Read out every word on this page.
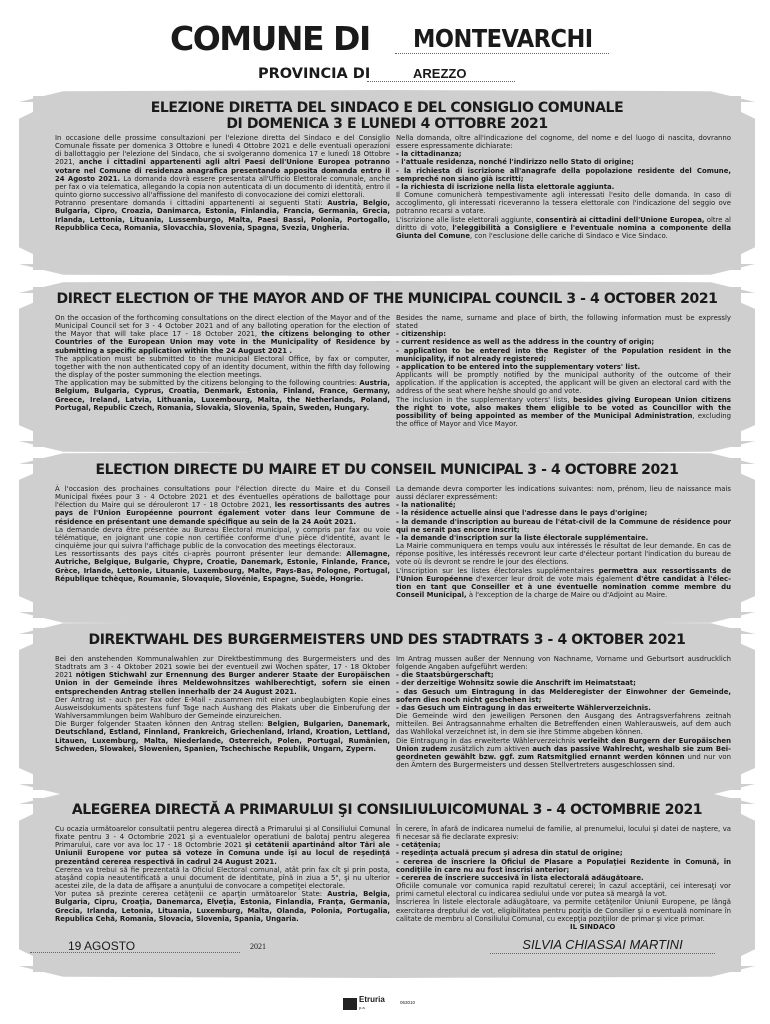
COMUNE DI	MONTEVARCHI
PROVINCIA DI	AREZZO
ELEZIONE DIRETTA DEL SINDACO E DEL CONSIGLIO COMUNALE
DI DOMENICA 3 E LUNEDI 4 OTTOBRE 2021
In occasione delle prossime consultazioni per l'elezione diretta del Sindaco e del Consiglio Comunale fissate per domenica 3 Ottobre e lunedì 4 Ottobre 2021 e delle eventuali operazioni di ballottaggio per l'elezione del Sindaco, che si svolgeranno domenica 17 e lunedì 18 Ottobre 2021, anche i cittadini appartenenti agli altri Paesi dell'Unione Europea potranno votare nel Comune di residenza anagrafica presentando apposita domanda entro il 24 Agosto 2021. La domanda dovrà essere presentata all'Ufficio Elettorale comunale, anche per fax o via telematica, allegando la copia non autenticata di un documento di identità, entro il quinto giorno successivo all'affissione del manifesto di convocazione dei comizi elettorali.
Potranno presentare domanda i cittadini appartenenti ai seguenti Stati: Austria, Belgio, Bulgaria, Cipro, Croazia, Danimarca, Estonia, Finlandia, Francia, Germania, Grecia, Irlanda, Lettonia, Lituania, Lussemburgo, Malta, Paesi Bassi, Polonia, Portogallo, Repubblica Ceca, Romania, Slovacchia, Slovenia, Spagna, Svezia, Ungheria.
Nella domanda, oltre all'indicazione del cognome, del nome e del luogo di nascita, dovranno essere espressamente dichiarate:
- la cittadinanza;
- l'attuale residenza, nonché l'indirizzo nello Stato di origine;
- la richiesta di iscrizione all'anagrafe della popolazione residente del Comune, sempreché non siano già iscritti;
- la richiesta di iscrizione nella lista elettorale aggiunta.
Il Comune comunicherà tempestivamente agli interessati l'esito delle domanda. In caso di accoglimento, gli interessati riceveranno la tessera elettorale con l'indicazione del seggio ove potranno recarsi a votare.
L'iscrizione alle liste elettorali aggiunte, consentirà ai cittadini dell'Unione Europea, oltre al diritto di voto, l'eleggibilità a Consigliere e l'eventuale nomina a componente della Giunta del Comune, con l'esclusione delle cariche di Sindaco e Vice Sindaco.
DIRECT ELECTION OF THE MAYOR AND OF THE MUNICIPAL COUNCIL 3 - 4 OCTOBER 2021
On the occasion of the forthcoming consultations on the direct election of the Mayor and of the Municipal Council set for 3 - 4 October 2021 and of any balloting operation for the election of the Mayor that will take place 17 - 18 October 2021, the citizens belonging to other Countries of the European Union may vote in the Municipality of Residence by submitting a specific application within the 24 August 2021 .
The application must be submitted to the municipal Electoral Office, by fax or computer, together with the non authenticated copy of an identity document, within the fifth day following the display of the poster summoning the election meetings.
The application may be submitted by the citizens belonging to the following countries: Austria, Belgium, Bulgaria, Cyprus, Croatia, Denmark, Estonia, Finland, France, Germany, Greece, Ireland, Latvia, Lithuania, Luxembourg, Malta, the Netherlands, Poland, Portugal, Republic Czech, Romania, Slovakia, Slovenia, Spain, Sweden, Hungary.
Besides the name, surname and place of birth, the following information must be expressly stated
- citizenship:
- current residence as well as the address in the country of origin;
- application to be entered into the Register of the Population resident in the municipality, if not already registered;
- application to be entered into the supplementary voters' list.
Applicants will be promptly notified by the municipal authority of the outcome of their application. If the application is accepted, the applicant will be given an electoral card with the address of the seat where he/she should go and vote.
The inclusion in the supplementary voters' lists, besides giving European Union citizens the right to vote, also makes them eligible to be voted as Councillor with the possibility of being appointed as member of the Municipal Administration, excluding the office of Mayor and Vice Mayor.
ELECTION DIRECTE DU MAIRE ET DU CONSEIL MUNICIPAL 3 - 4 OCTOBRE 2021
À l'occasion des prochaines consultations pour l'élection directe du Maire et du Conseil Municipal fixées pour 3 - 4 Octobre 2021 et des éventuelles opérations de ballottage pour l'élection du Maire qui se dérouleront 17 - 18 Octobre 2021, les ressortissants des autres pays de l'Union Européenne pourront également voter dans leur Commune de résidence en présentant une demande spécifique au sein de la 24 Août 2021.
La demande devra être présentée au Bureau Électoral municipal, y compris par fax ou voie télématique, en joignant une copie non certifiée conforme d'une pièce d'identité, avant le cinquième jour qui suivra l'affichage public de la convocation des meetings électoraux.
Les ressortissants des pays cités ci-après pourront présenter leur demande: Allemagne, Autriche, Belgique, Bulgarie, Chypre, Croatie, Danemark, Estonie, Finlande, France, Grèce, Irlande, Lettonie, Lituanie, Luxembourg, Malte, Pays-Bas, Pologne, Portugal, République tchèque, Roumanie, Slovaquie, Slovénie, Espagne, Suède, Hongrie.
La demande devra comporter les indications suivantes: nom, prénom, lieu de naissance mais aussi déclarer expressément:
- la nationalité;
- la résidence actuelle ainsi que l'adresse dans le pays d'origine;
- la demande d'inscription au bureau de l'état-civil de la Commune de résidence pour qui ne serait pas encore inscrit;
- la demande d'inscription sur la liste électorale supplémentaire.
La Mairie communiquera en temps voulu aux intéressés le résultat de leur demande. En cas de réponse positive, les intéressés recevront leur carte d'électeur portant l'indication du bureau de vote où ils devront se rendre le jour des élections.
L'inscription sur les listes électorales supplémentaires permettra aux ressortissants de l'Union Européenne d'exercer leur droit de vote mais également d'être candidat à l'élec- tion en tant que Conseiller et à une éventuelle nomination comme membre du Conseil Municipal, à l'exception de la charge de Maire ou d'Adjoint au Maire.
DIREKTWAHL DES BURGERMEISTERS UND DES STADTRATS 3 - 4 OKTOBER 2021
Bei den anstehenden Kommunalwahlen zur Direktbestimmung des Burgermeisters und des Stadtrats am 3 - 4 Oktober 2021 sowie bei der eventueil zwi Wochen später, 17 - 18 Oktober 2021 nötigen Stichwahl zur Ernennung des Burger anderer Staate der Europäischen Union in der Gemeinde ihres Meldewohnsitzes wahlberechtigt, sofern sie einen entsprechenden Antrag stellen innerhalb der 24 August 2021.
Der Antrag ist - auch per Fax oder E-Mail - zusammen mit einer unbeglaubigten Kopie eines Ausweisdokuments spätestens funf Tage nach Aushang des Plakats uber die Einberufung der Wahlversammlungen beim Wahlburo der Gemeinde einzureichen.
Die Burger folgender Staaten können den Antrag stellen: Belgien, Bulgarien, Danemark, Deutschland, Estland, Finnland, Frankreich, Griechenland, Irland, Kroation, Lettland, Litauen, Luxemburg, Malta, Niederlande, Osterreich, Polen, Portugal, Rumänien, Schweden, Slowakei, Slowenien, Spanien, Tschechische Republik, Ungarn, Zypern.
Im Antrag mussen außer der Nennung von Nachname, Vorname und Geburtsort ausdrucklich folgende Angaben aufgeführt werden:
- die Staatsbürgerschaft;
- der derzeitige Wohnsitz sowie die Anschrift im Heimatstaat;
- das Gesuch um Eintragung in das Melderegister der Einwohner der Gemeinde, sofern dies noch nicht geschehen ist;
- das Gesuch um Eintragung in das erweiterte Wählerverzeichnis.
Die Gemeinde wird den jeweiligen Personen den Ausgang des Antragsverfahrens zeitnah mitteilen. Bei Antragsannahme erhalten die Betreffenden einen Wahlerausweis, auf dem auch das Wahllokal verzeichnet ist, in dem sie ihre Stimme abgeben können.
Die Eintragung in das erweiterte Wählerverzeichnis verleiht den Burgern der Europäischen Union zudem zusätzlich zum aktiven auch das passive Wahlrecht, weshalb sie zum Bei- geordneten gewählt bzw. ggf. zum Ratsmitglied ernannt werden können und nur von den Ämtern des Burgermeisters und dessen Stellvertreters ausgeschlossen sind.
ALEGEREA DIRECTĂ A PRIMARULUI ŞI CONSILIULUICOMUNAL 3 - 4 OCTOMBRIE 2021
Cu ocazia următoarelor consultatii pentru alegerea directă a Primarului şi al Consiliului Comunal fixate pentru 3 - 4 Octombrie 2021 şi a eventualelor operatiuni de balotaj pentru alegerea Primarului, care vor ava loc 17 - 18 Octombrie 2021 şi cetătenii apartinând altor Tări ale Uniunii Europene vor putea să voteze în Comuna unde îşi au locul de reşedinţă prezentând cererea respectivă în cadrul 24 August 2021.
Cererea va trebui să fie prezentată la Oficiul Electoral comunal, atât prin fax cît şi prin posta, ataşând copia neautentificată a unui document de identitate, pînă in ziua a 5", şi nu ulterior acestei zile, de la data de affişare a anunţului de convocare a competiţei electorale.
Vor putea să prezinte cererea cetăţenii ce aparţin următoarelor State: Austria, Belgia, Bulgaria, Cipru, Croaţia, Danemarca, Elveţia, Estonia, Finlandia, Franţa, Germania, Grecia, Irlanda, Letonia, Lituania, Luxemburg, Malta, Olanda, Polonia, Portugalia, Republica Cehă, Romania, Slovacia, Slovenia, Spania, Ungaria.
În cerere, în afară de indicarea numelui de familie, al prenumelui, locului şi datei de naştere, va fi necesar să fie declarate expresiv:
- cetăţenia;
- reşedinţa actuală precum şi adresa din statul de origine;
- cererea de înscriere la Oficiul de Plasare a Populaţiei Rezidente în Comună, în condiţiile în care nu au fost înscrisi anterior;
- cererea de înscriere succesivă în lista electorală adăugătoare.
Oficiile comunale vor comunica rapid rezultatul cererei; în cazul acceptării, cei interesaţi vor primi carnetul electoral cu indicarea sediului unde vor putea să meargă la vot.
Înscrierea în listele electorale adăugătoare, va permite cetăţenilor Uniunii Europene, pe lângă exercitarea dreptului de vot, eligibilitatea pentru poziţia de Consilier şi o eventuală nominare în calitate de membru al Consiliului Comunal, cu excepţia poziţiilor de primar şi vice primar.
IL SINDACO
SILVIA CHIASSAI MARTINI
19 AGOSTO	2021
Etruria
p.a.
063010
